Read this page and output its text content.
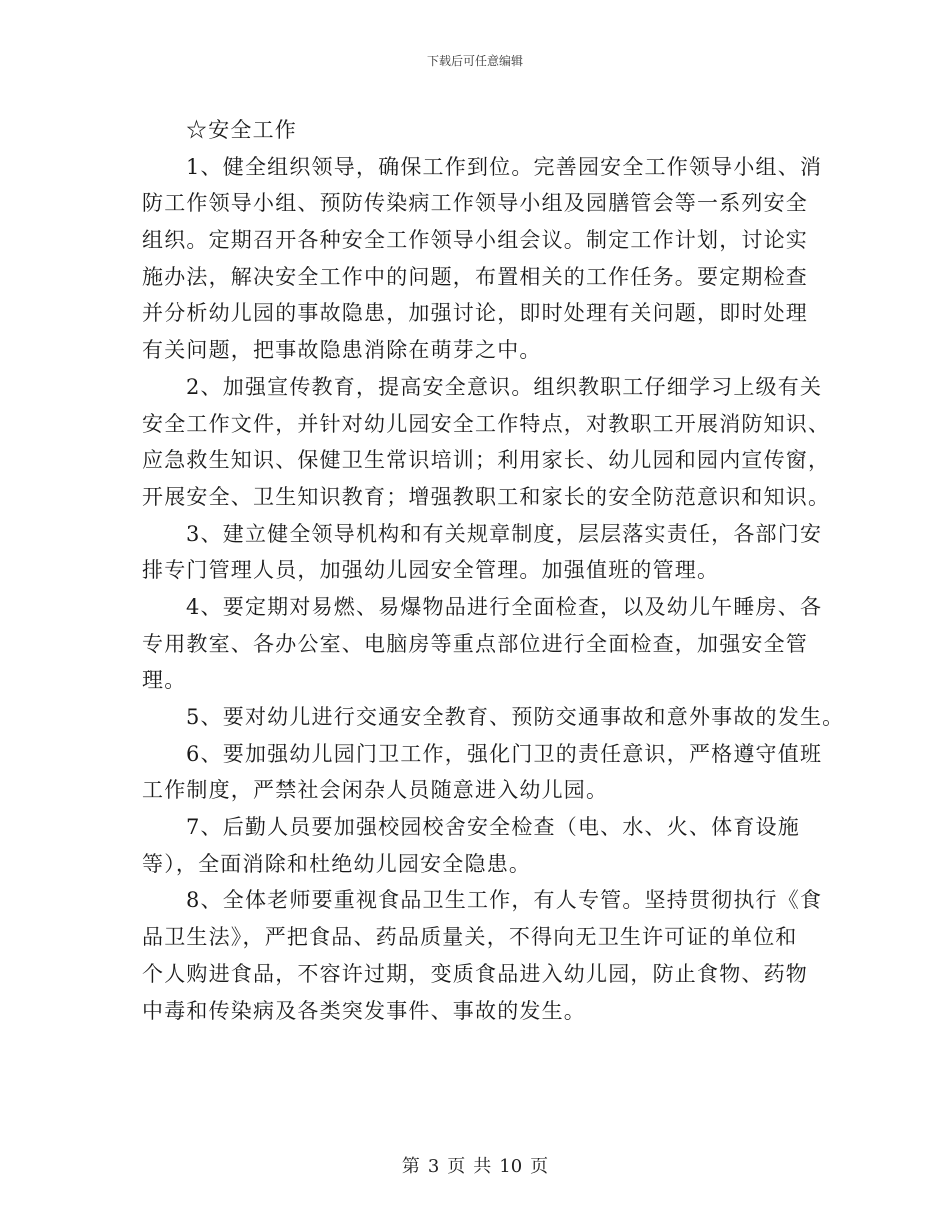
下载后可任意编辑
☆安全工作
1、健全组织领导，确保工作到位。完善园安全工作领导小组、消
防工作领导小组、预防传染病工作领导小组及园膳管会等一系列安全
组织。定期召开各种安全工作领导小组会议。制定工作计划，讨论实
施办法，解决安全工作中的问题，布置相关的工作任务。要定期检查
并分析幼儿园的事故隐患，加强讨论，即时处理有关问题，即时处理
有关问题，把事故隐患消除在萌芽之中。
2、加强宣传教育，提高安全意识。组织教职工仔细学习上级有关
安全工作文件，并针对幼儿园安全工作特点，对教职工开展消防知识、
应急救生知识、保健卫生常识培训；利用家长、幼儿园和园内宣传窗，
开展安全、卫生知识教育；增强教职工和家长的安全防范意识和知识。
3、建立健全领导机构和有关规章制度，层层落实责任，各部门安
排专门管理人员，加强幼儿园安全管理。加强值班的管理。
4、要定期对易燃、易爆物品进行全面检查，以及幼儿午睡房、各
专用教室、各办公室、电脑房等重点部位进行全面检查，加强安全管
理。
5、要对幼儿进行交通安全教育、预防交通事故和意外事故的发生。
6、要加强幼儿园门卫工作，强化门卫的责任意识，严格遵守值班
工作制度，严禁社会闲杂人员随意进入幼儿园。
7、后勤人员要加强校园校舍安全检查（电、水、火、体育设施
等），全面消除和杜绝幼儿园安全隐患。
8、全体老师要重视食品卫生工作，有人专管。坚持贯彻执行《食
品卫生法》，严把食品、药品质量关，不得向无卫生许可证的单位和
个人购进食品，不容许过期，变质食品进入幼儿园，防止食物、药物
中毒和传染病及各类突发事件、事故的发生。
第 3 页 共 10 页
